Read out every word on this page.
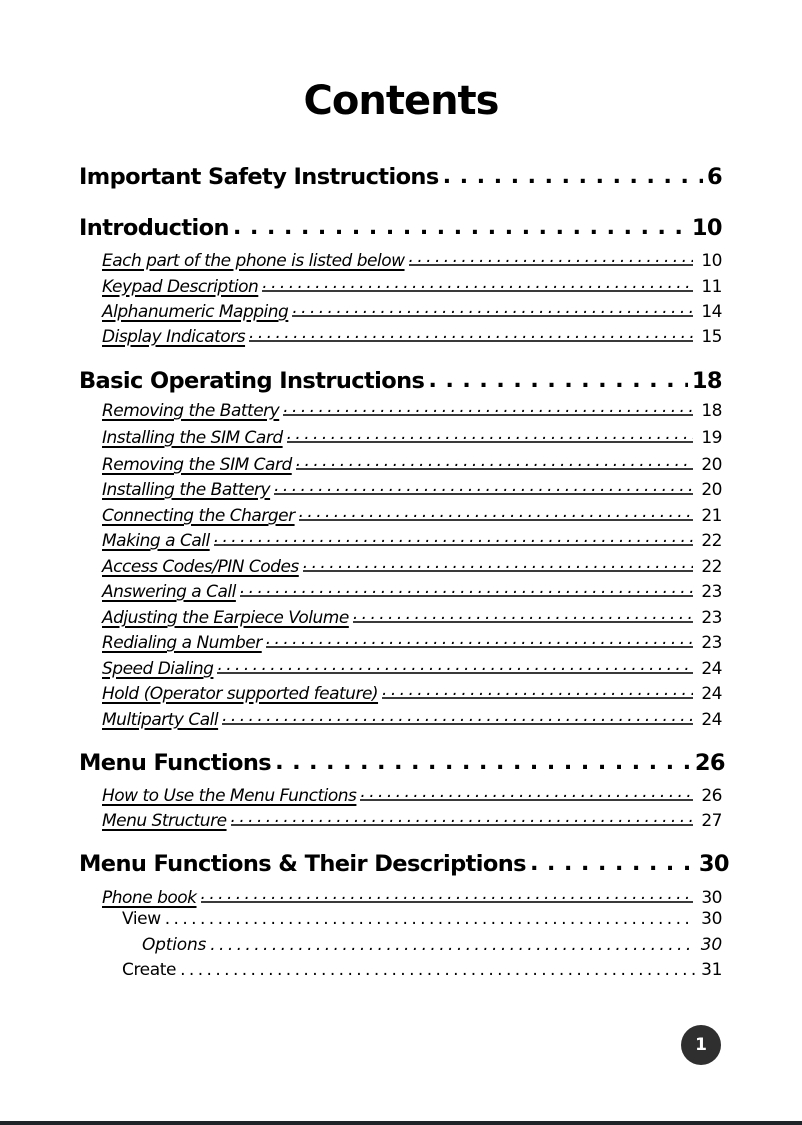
Contents
Important Safety Instructions . . .	6
Introduction . . .	10
Each part of the phone is listed below . . .	10
Keypad Description . . .	11
Alphanumeric Mapping . . .	14
Display Indicators . . .	15
Basic Operating Instructions . . .	18
Removing the Battery . . .	18
Installing the SIM Card . . .	19
Removing the SIM Card . . .	20
Installing the Battery . . .	20
Connecting the Charger . . .	21
Making a Call . . .	22
Access Codes/PIN Codes . . .	22
Answering a Call . . .	23
Adjusting the Earpiece Volume . . .	23
Redialing a Number . . .	23
Speed Dialing . . .	24
Hold (Operator supported feature) . . .	24
Multiparty Call . . .	24
Menu Functions . . .	26
How to Use the Menu Functions . . .	26
Menu Structure . . .	27
Menu Functions & Their Descriptions . . .	30
Phone book . . .	30
View . . .	30
Options . . .	30
Create . . .	31
1
